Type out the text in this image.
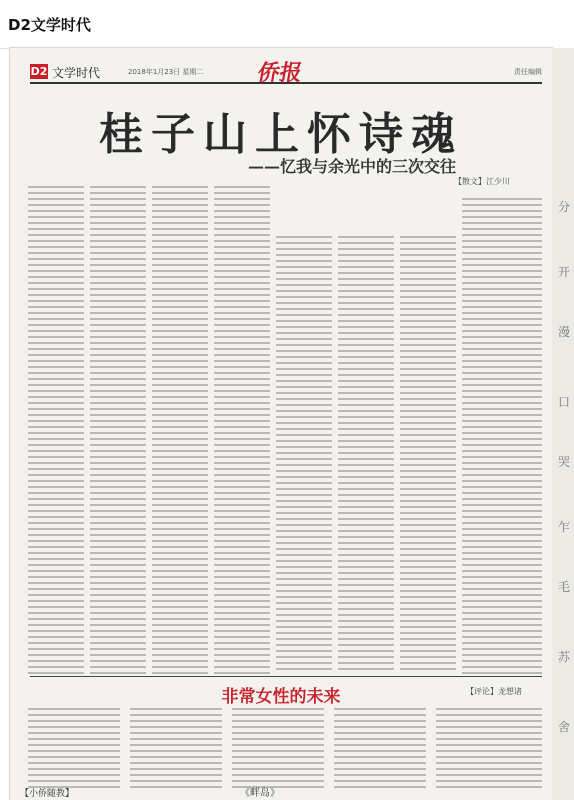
D2文学时代
D2 文学时代	2018年1月23日 星期二 侨报	责任编辑
桂子山上怀诗魂
——忆我与余光中的三次交往
【散文】江少川
非常女性的未来	【评论】龙想诸
【小侨随教】	《畔岛》
分
开
漫
口
哭
乍
毛
苏
舍
